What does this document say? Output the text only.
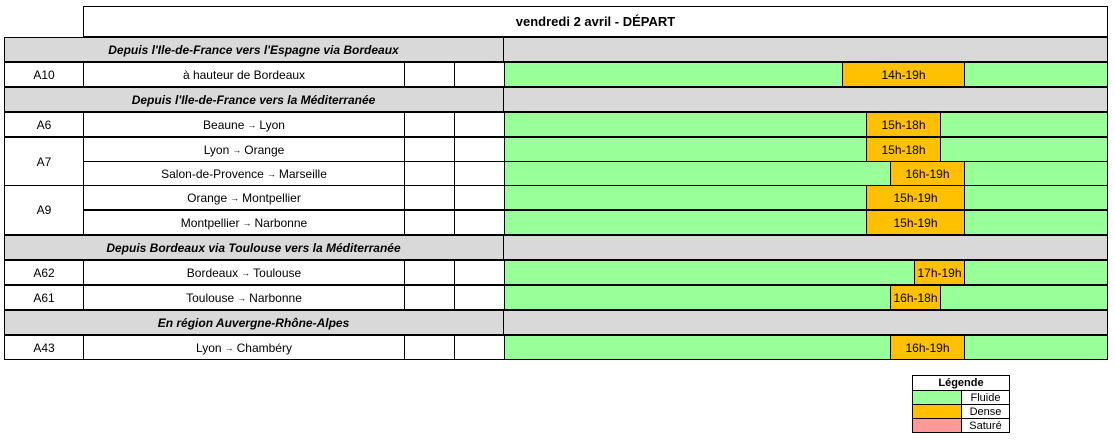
vendredi 2 avril - DÉPART
Depuis l'Ile-de-France vers l'Espagne via Bordeaux
A10	à hauteur de Bordeaux	14h-19h
Depuis l'Ile-de-France vers la Méditerranée
A6	Beaune → Lyon	15h-18h
A7
Lyon → Orange	15h-18h
Salon-de-Provence → Marseille	16h-19h
A9
Orange → Montpellier	15h-19h
Montpellier → Narbonne	15h-19h
Depuis Bordeaux via Toulouse vers la Méditerranée
A62	Bordeaux → Toulouse	17h-19h
A61	Toulouse → Narbonne	16h-18h
En région Auvergne-Rhône-Alpes
A43	Lyon → Chambéry	16h-19h
Légende
Fluide
Dense
Saturé
